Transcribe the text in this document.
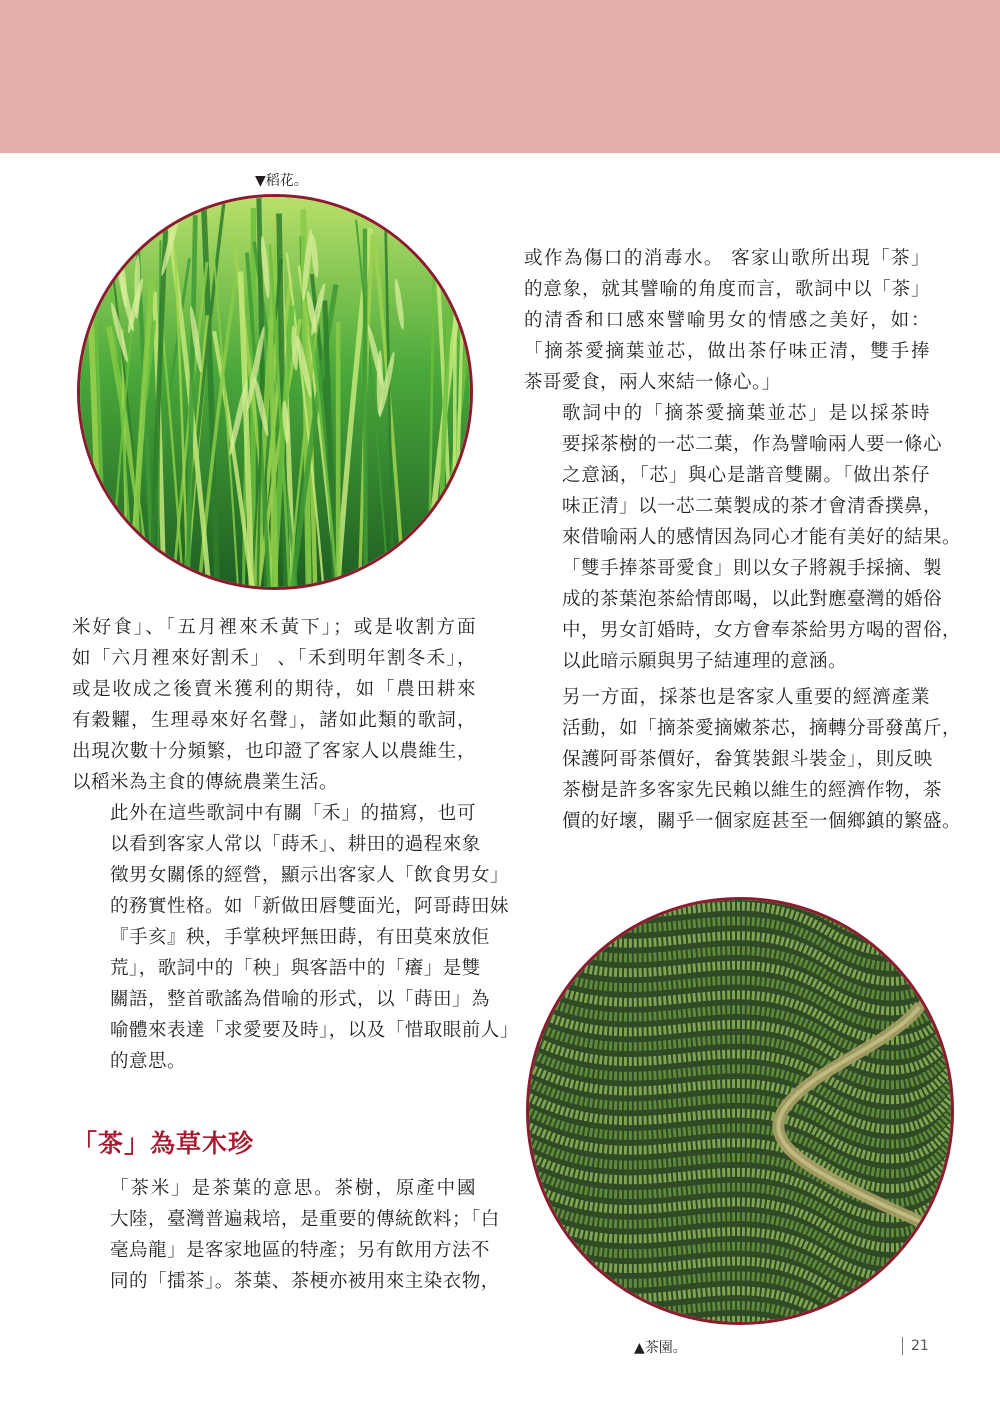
▼稻花。

米好食」、「五月裡來禾黃下」；或是收割方面
如「六月裡來好割禾」 、「禾到明年割冬禾」，
或是收成之後賣米獲利的期待，如「農田耕來
有穀糶，生理尋來好名聲」，諸如此類的歌詞，
出現次數十分頻繁，也印證了客家人以農維生，
以稻米為主食的傳統農業生活。

此外在這些歌詞中有關「禾」的描寫，也可
以看到客家人常以「蒔禾」、耕田的過程來象
徵男女關係的經營，顯示出客家人「飲食男女」
的務實性格。如「新做田唇雙面光，阿哥蒔田妹
『手亥』秧，手掌秧坪無田蒔，有田莫來放佢
荒」，歌詞中的「秧」與客語中的「癢」是雙
關語，整首歌謠為借喻的形式，以「蒔田」為
喻體來表達「求愛要及時」，以及「惜取眼前人」
的意思。

「茶」為草木珍

「茶米」是茶葉的意思。茶樹，原產中國
大陸，臺灣普遍栽培，是重要的傳統飲料；「白
毫烏龍」是客家地區的特產；另有飲用方法不
同的「擂茶」。茶葉、茶梗亦被用來主染衣物，

或作為傷口的消毒水。 客家山歌所出現「茶」
的意象，就其譬喻的角度而言，歌詞中以「茶」
的清香和口感來譬喻男女的情感之美好，如：
「摘茶愛摘葉並芯，做出茶仔味正清，雙手捧
茶哥愛食，兩人來結一條心。」

歌詞中的「摘茶愛摘葉並芯」是以採茶時
要採茶樹的一芯二葉，作為譬喻兩人要一條心
之意涵，「芯」與心是諧音雙關。「做出茶仔
味正清」以一芯二葉製成的茶才會清香撲鼻，
來借喻兩人的感情因為同心才能有美好的結果。
「雙手捧茶哥愛食」則以女子將親手採摘、製
成的茶葉泡茶給情郎喝，以此對應臺灣的婚俗
中，男女訂婚時，女方會奉茶給男方喝的習俗，
以此暗示願與男子結連理的意涵。

另一方面，採茶也是客家人重要的經濟產業
活動，如「摘茶愛摘嫩茶芯，摘轉分哥發萬斤，
保護阿哥茶價好，畚箕裝銀斗裝金」，則反映
茶樹是許多客家先民賴以維生的經濟作物，茶
價的好壞，關乎一個家庭甚至一個鄉鎮的繁盛。

▲茶園。	21
